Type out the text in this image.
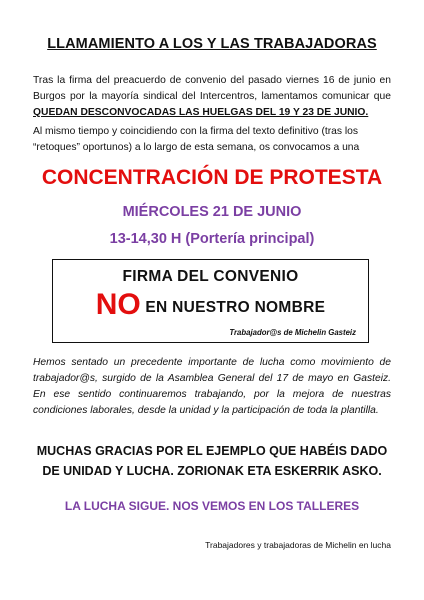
LLAMAMIENTO A LOS Y LAS TRABAJADORAS
Tras la firma del preacuerdo de convenio del pasado viernes 16 de junio en Burgos por la mayoría sindical del Intercentros, lamentamos comunicar que QUEDAN DESCONVOCADAS LAS HUELGAS DEL 19 Y 23 DE JUNIO.
Al mismo tiempo y coincidiendo con la firma del texto definitivo (tras los “retoques” oportunos) a lo largo de esta semana, os convocamos a una
CONCENTRACIÓN DE PROTESTA
MIÉRCOLES 21 DE JUNIO
13-14,30 H (Portería principal)
FIRMA DEL CONVENIO
NO EN NUESTRO NOMBRE
Trabajador@s de Michelin Gasteiz
Hemos sentado un precedente importante de lucha como movimiento de trabajador@s, surgido de la Asamblea General del 17 de mayo en Gasteiz. En ese sentido continuaremos trabajando, por la mejora de nuestras condiciones laborales, desde la unidad y la participación de toda la plantilla.
MUCHAS GRACIAS POR EL EJEMPLO QUE HABÉIS DADO DE UNIDAD Y LUCHA. ZORIONAK ETA ESKERRIK ASKO.
LA LUCHA SIGUE. NOS VEMOS EN LOS TALLERES
Trabajadores y trabajadoras de Michelin en lucha
